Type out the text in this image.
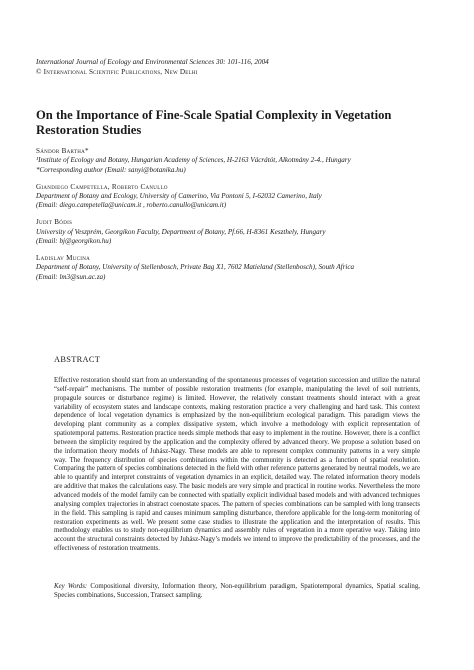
International Journal of Ecology and Environmental Sciences 30: 101-116, 2004
© International Scientific Publications, New Delhi
On the Importance of Fine-Scale Spatial Complexity in Vegetation Restoration Studies
Sándor Bartha*
¹Institute of Ecology and Botany, Hungarian Academy of Sciences, H-2163 Vácrátót, Alkotmány 2-4., Hungary
*Corresponding author (Email: sanyi@botanika.hu)
Giandiego Campetella, Roberto Canullo
Department of Botany and Ecology, University of Camerino, Via Pontoni 5, I-62032 Camerino, Italy
(Email: diego.campetella@unicam.it , roberto.canullo@unicam.it)
Judit Bódis
University of Veszprém, Georgikon Faculty, Department of Botany, Pf.66, H-8361 Keszthely, Hungary
(Email: bj@georgikon.hu)
Ladislav Mucina
Department of Botany, University of Stellenbosch, Private Bag X1, 7602 Matieland (Stellenbosch), South Africa
(Email: lm3@sun.ac.za)
ABSTRACT
Effective restoration should start from an understanding of the spontaneous processes of vegetation succession and utilize the natural “self-repair” mechanisms. The number of possible restoration treatments (for example, manipulating the level of soil nutrients, propagule sources or disturbance regime) is limited. However, the relatively constant treatments should interact with a great variability of ecosystem states and landscape contexts, making restoration practice a very challenging and hard task. This context dependence of local vegetation dynamics is emphasized by the non-equilibrium ecological paradigm. This paradigm views the developing plant community as a complex dissipative system, which involve a methodology with explicit representation of spatiotemporal patterns. Restoration practice needs simple methods that easy to implement in the routine. However, there is a conflict between the simplicity required by the application and the complexity offered by advanced theory. We propose a solution based on the information theory models of Juhász-Nagy. These models are able to represent complex community patterns in a very simple way. The frequency distribution of species combinations within the community is detected as a function of spatial resolution. Comparing the pattern of species combinations detected in the field with other reference patterns generated by neutral models, we are able to quantify and interpret constraints of vegetation dynamics in an explicit, detailed way. The related information theory models are additive that makes the calculations easy. The basic models are very simple and practical in routine works. Nevertheless the more advanced models of the model family can be connected with spatially explicit individual based models and with advanced techniques analysing complex trajectories in abstract coenostate spaces. The pattern of species combinations can be sampled with long transects in the field. This sampling is rapid and causes minimum sampling disturbance, therefore applicable for the long-term monitoring of restoration experiments as well. We present some case studies to illustrate the application and the interpretation of results. This methodology enables us to study non-equilibrium dynamics and assembly rules of vegetation in a more operative way. Taking into account the structural constraints detected by Juhász-Nagy’s models we intend to improve the predictability of the processes, and the effectiveness of restoration treatments.
Key Words: Compositional diversity, Information theory, Non-equilibrium paradigm, Spatiotemporal dynamics, Spatial scaling, Species combinations, Succession, Transect sampling.
